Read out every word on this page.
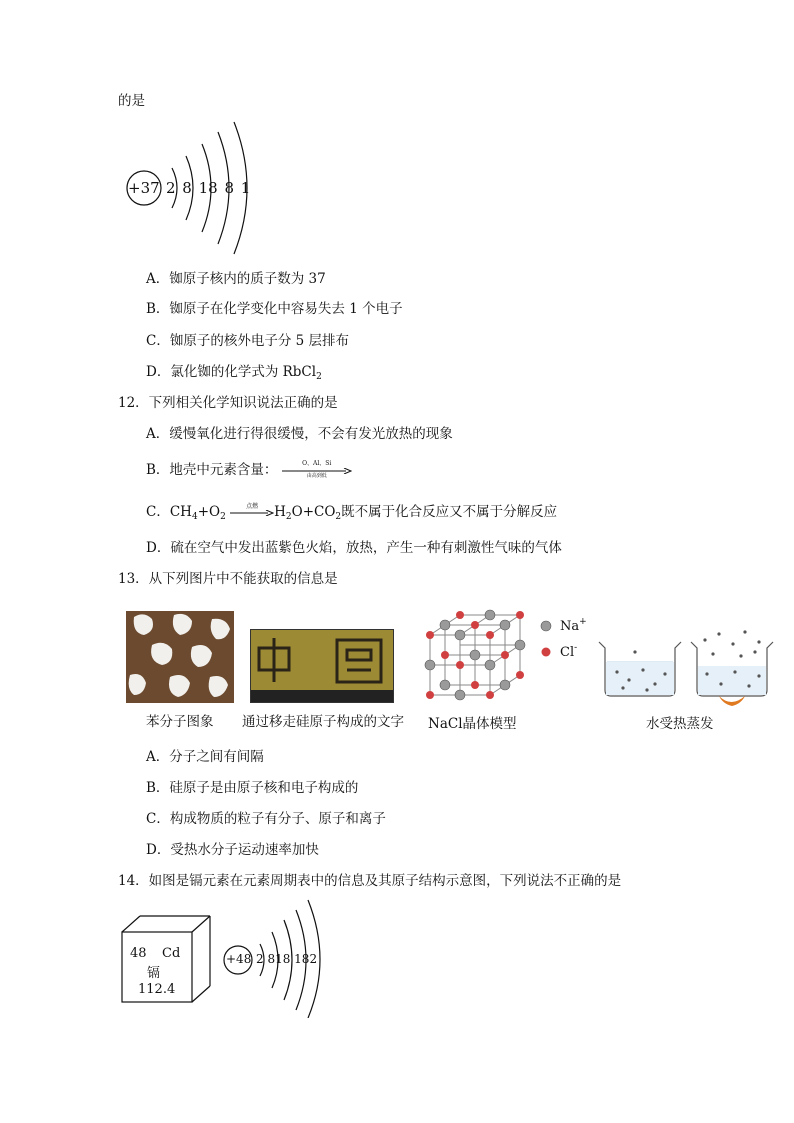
的是
+37 2 8 18 8 1
A．铷原子核内的质子数为 37
B．铷原子在化学变化中容易失去 1 个电子
C．铷原子的核外电子分 5 层排布
D．氯化铷的化学式为 RbCl$_2$
12．下列相关化学知识说法正确的是
A．缓慢氧化进行得很缓慢，不会有发光放热的现象
B．地壳中元素含量：	O、Al、Si
由高到低
C．$CH_4+O_2$
点燃	$H_2O+CO_2$既不属于化合反应又不属于分解反应
D．硫在空气中发出蓝紫色火焰，放热，产生一种有刺激性气味的气体
13．从下列图片中不能获取的信息是
Na+
Cl-
苯分子图象 通过移走硅原子构成的文字 NaCl晶体模型	水受热蒸发
A．分子之间有间隔
B．硅原子是由原子核和电子构成的
C．构成物质的粒子有分子、原子和离子
D．受热水分子运动速率加快
14．如图是镉元素在元素周期表中的信息及其原子结构示意图，下列说法不正确的是
48 Cd
镉
112.4
+48 2 818 182
